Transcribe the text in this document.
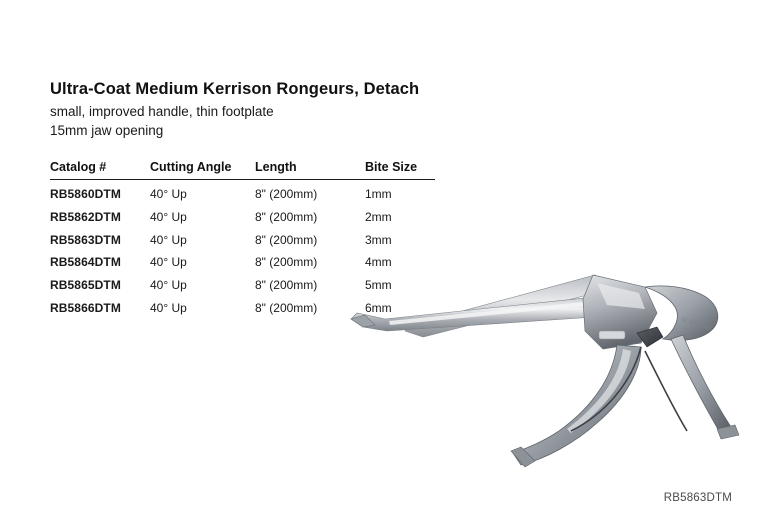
Ultra-Coat Medium Kerrison Rongeurs, Detach
small, improved handle, thin footplate
15mm jaw opening
Catalog #	Cutting Angle	Length	Bite Size
RB5860DTM	40° Up	8" (200mm)	1mm
RB5862DTM	40° Up	8" (200mm)	2mm
RB5863DTM	40° Up	8" (200mm)	3mm
RB5864DTM	40° Up	8" (200mm)	4mm
RB5865DTM	40° Up	8" (200mm)	5mm
RB5866DTM	40° Up	8" (200mm)	6mm
V. Mueller
RB5863DTM
